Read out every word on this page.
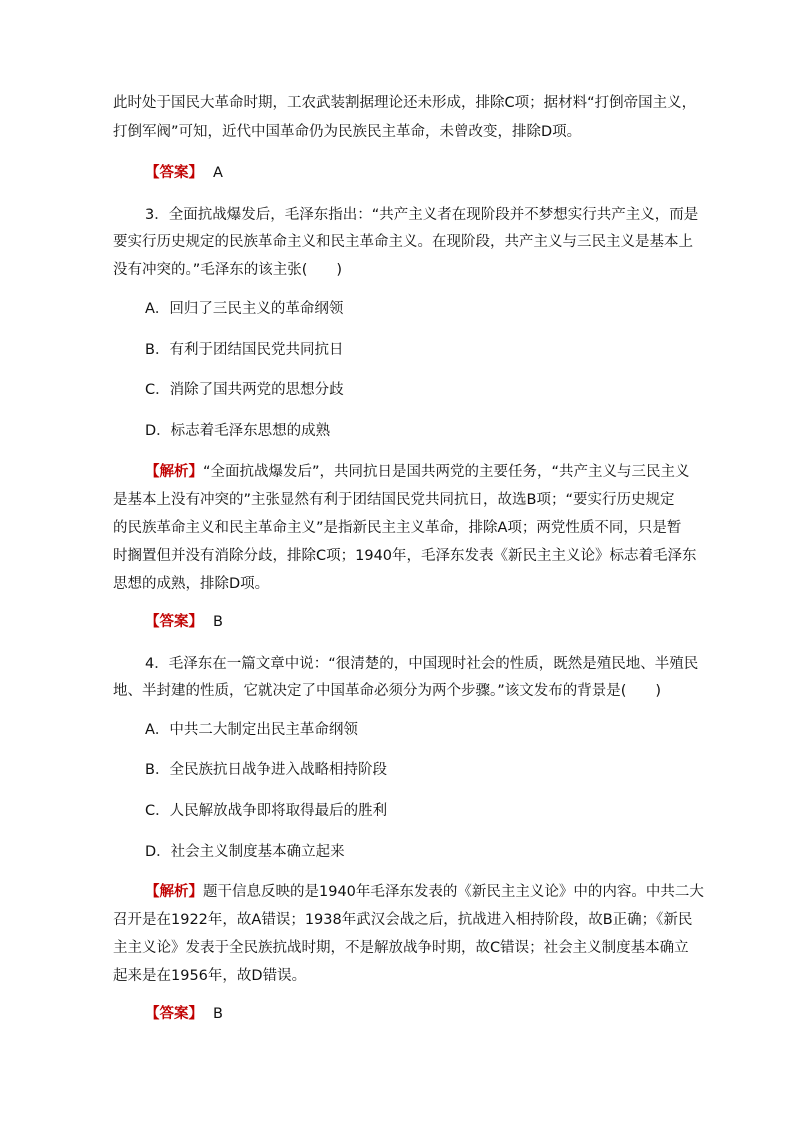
此时处于国民大革命时期，工农武装割据理论还未形成，排除C项；据材料“打倒帝国主义，
打倒军阀”可知，近代中国革命仍为民族民主革命，未曾改变，排除D项。
【答案】 A
3．全面抗战爆发后，毛泽东指出：“共产主义者在现阶段并不梦想实行共产主义，而是
要实行历史规定的民族革命主义和民主革命主义。在现阶段，共产主义与三民主义是基本上
没有冲突的。”毛泽东的该主张(　　)
A．回归了三民主义的革命纲领
B．有利于团结国民党共同抗日
C．消除了国共两党的思想分歧
D．标志着毛泽东思想的成熟
【解析】“全面抗战爆发后”，共同抗日是国共两党的主要任务，“共产主义与三民主义
是基本上没有冲突的”主张显然有利于团结国民党共同抗日，故选B项；“要实行历史规定
的民族革命主义和民主革命主义”是指新民主主义革命，排除A项；两党性质不同，只是暂
时搁置但并没有消除分歧，排除C项；1940年，毛泽东发表《新民主主义论》标志着毛泽东
思想的成熟，排除D项。
【答案】 B
4．毛泽东在一篇文章中说：“很清楚的，中国现时社会的性质，既然是殖民地、半殖民
地、半封建的性质，它就决定了中国革命必须分为两个步骤。”该文发布的背景是(　　)
A．中共二大制定出民主革命纲领
B．全民族抗日战争进入战略相持阶段
C．人民解放战争即将取得最后的胜利
D．社会主义制度基本确立起来
【解析】题干信息反映的是1940年毛泽东发表的《新民主主义论》中的内容。中共二大
召开是在1922年，故A错误；1938年武汉会战之后，抗战进入相持阶段，故B正确；《新民
主主义论》发表于全民族抗战时期，不是解放战争时期，故C错误；社会主义制度基本确立
起来是在1956年，故D错误。
【答案】 B
